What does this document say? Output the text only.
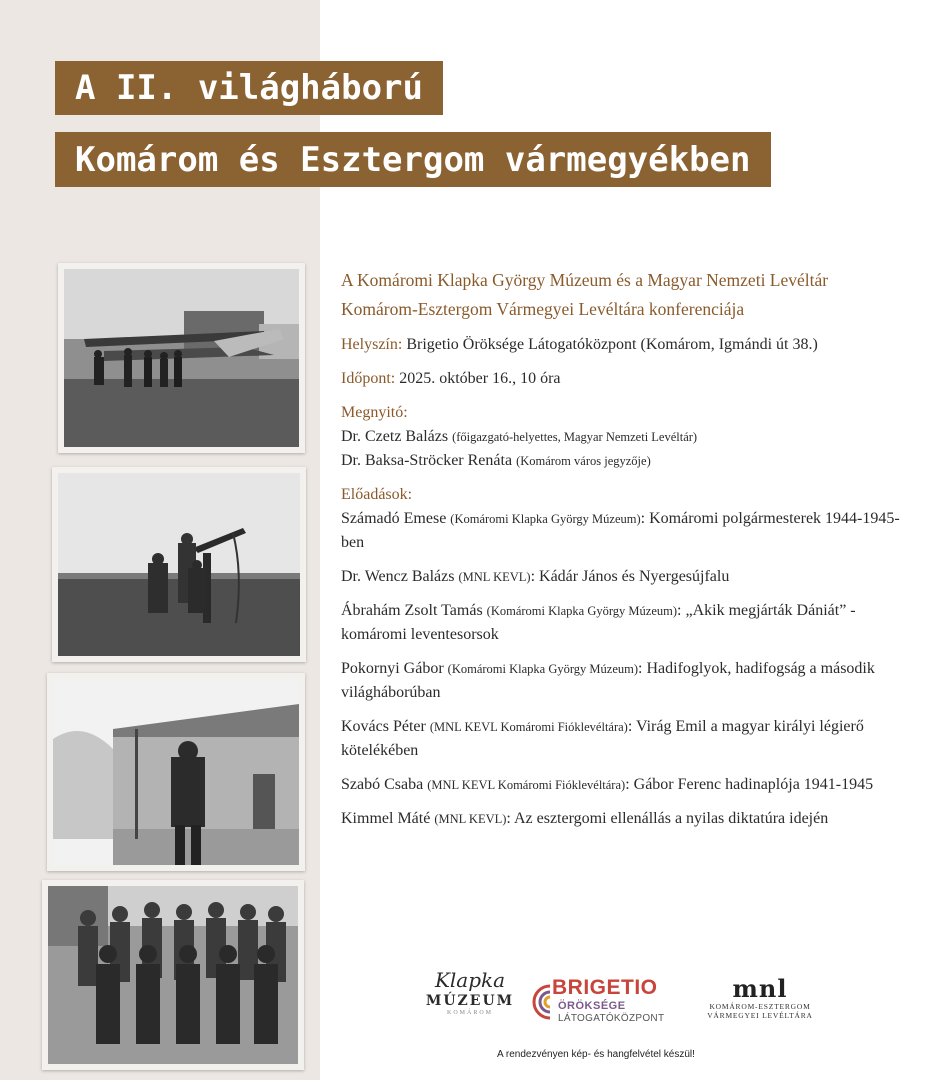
A II. világháború
Komárom és Esztergom vármegyékben
A Komáromi Klapka György Múzeum és a Magyar Nemzeti Levéltár Komárom-Esztergom Vármegyei Levéltára konferenciája
Helyszín: Brigetio Öröksége Látogatóközpont (Komárom, Igmándi út 38.)
Időpont: 2025. október 16., 10 óra
Megnyitó:
Dr. Czetz Balázs (főigazgató-helyettes, Magyar Nemzeti Levéltár)
Dr. Baksa-Ströcker Renáta (Komárom város jegyzője)
Előadások:
Számadó Emese (Komáromi Klapka György Múzeum): Komáromi polgármesterek 1944-1945-ben
Dr. Wencz Balázs (MNL KEVL): Kádár János és Nyergesújfalu
Ábrahám Zsolt Tamás (Komáromi Klapka György Múzeum): „Akik megjárták Dániát” - komáromi leventesorsok
Pokornyi Gábor (Komáromi Klapka György Múzeum): Hadifoglyok, hadifogság a második világháborúban
Kovács Péter (MNL KEVL Komáromi Fióklevéltára): Virág Emil a magyar királyi légierő kötelékében
Szabó Csaba (MNL KEVL Komáromi Fióklevéltára): Gábor Ferenc hadinaplója 1941-1945
Kimmel Máté (MNL KEVL): Az esztergomi ellenállás a nyilas diktatúra idején
Klapka
MÚZEUM
KOMÁROM
BRIGETIO
ÖRÖKSÉGE
LÁTOGATÓKÖZPONT
mnl
KOMÁROM-ESZTERGOM
VÁRMEGYEI LEVÉLTÁRA
A rendezvényen kép- és hangfelvétel készül!
